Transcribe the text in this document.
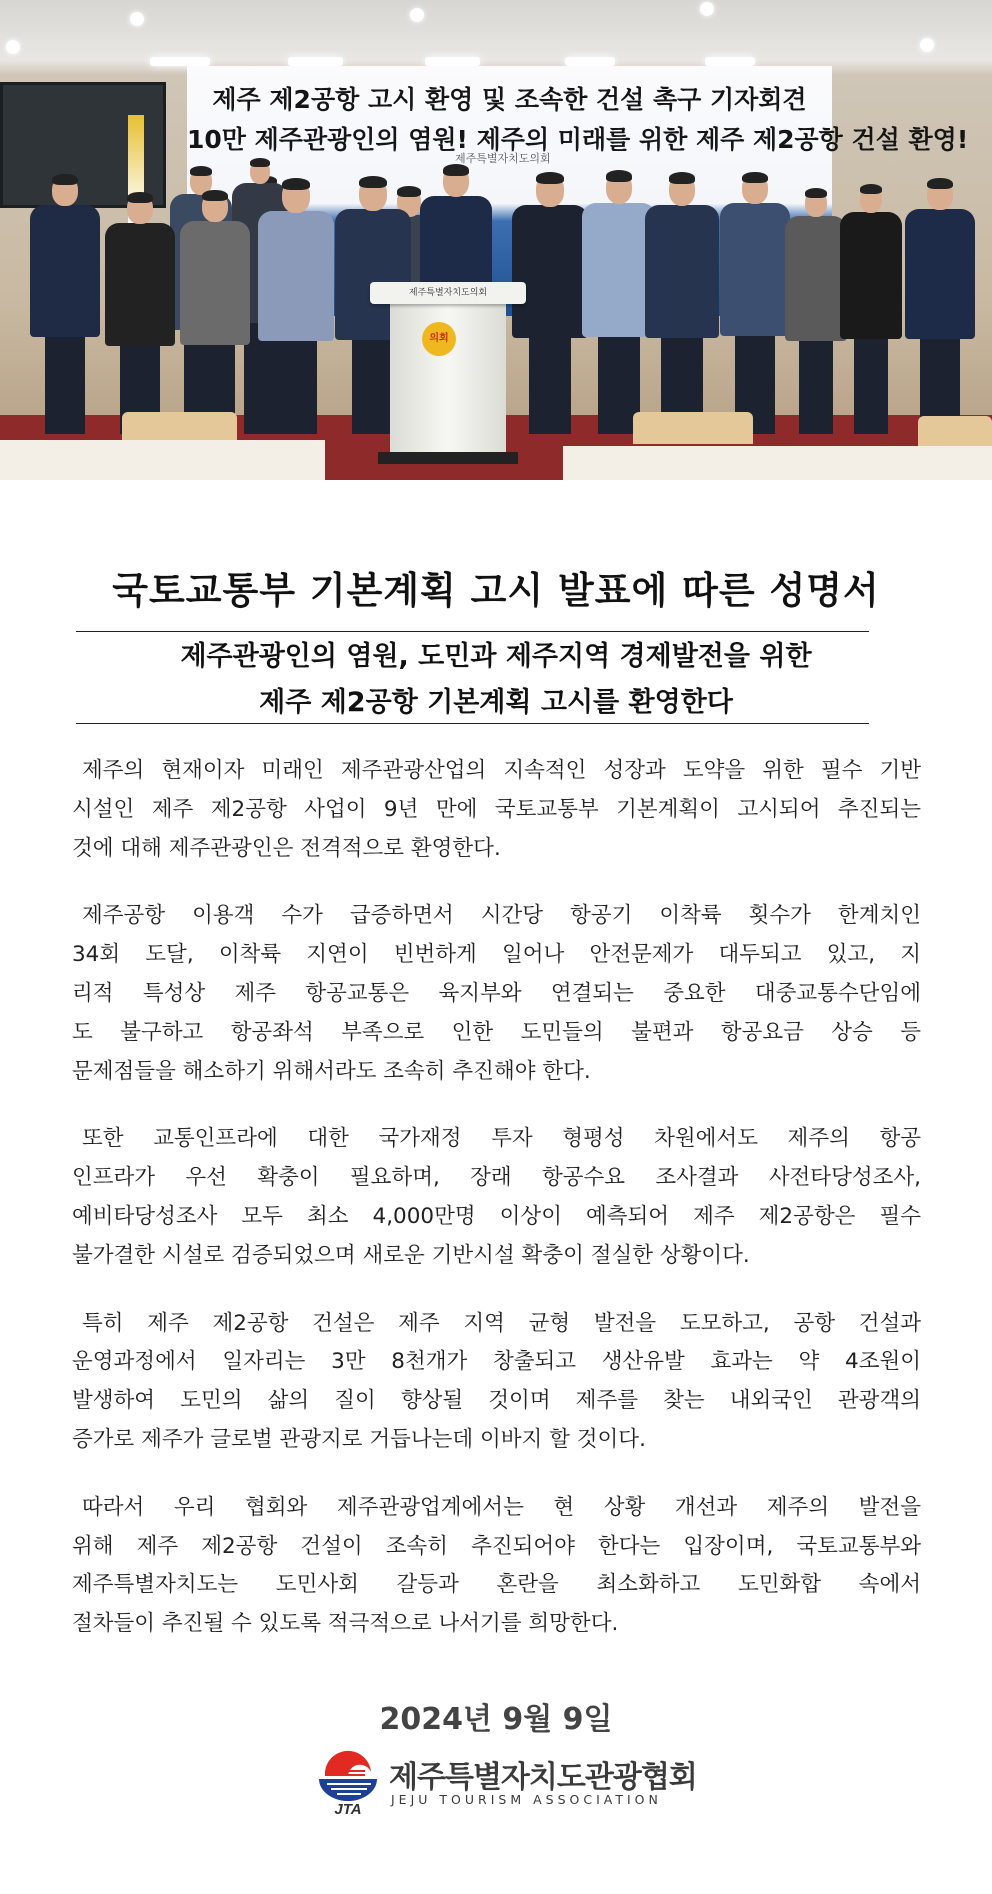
제주 제2공항 고시 환영 및 조속한 건설 촉구 기자회견
10만 제주관광인의 염원! 제주의 미래를 위한 제주 제2공항 건설 환영!
제주특별자치도의회
제주특별자치도의회
의회
국토교통부 기본계획 고시 발표에 따른 성명서
제주관광인의 염원, 도민과 제주지역 경제발전을 위한
제주 제2공항 기본계획 고시를 환영한다
제주의 현재이자 미래인 제주관광산업의 지속적인 성장과 도약을 위한 필수 기반
시설인 제주 제2공항 사업이 9년 만에 국토교통부 기본계획이 고시되어 추진되는
것에 대해 제주관광인은 전격적으로 환영한다.
제주공항 이용객 수가 급증하면서 시간당 항공기 이착륙 횟수가 한계치인
34회 도달, 이착륙 지연이 빈번하게 일어나 안전문제가 대두되고 있고, 지
리적 특성상 제주 항공교통은 육지부와 연결되는 중요한 대중교통수단임에
도 불구하고 항공좌석 부족으로 인한 도민들의 불편과 항공요금 상승 등
문제점들을 해소하기 위해서라도 조속히 추진해야 한다.
또한 교통인프라에 대한 국가재정 투자 형평성 차원에서도 제주의 항공
인프라가 우선 확충이 필요하며, 장래 항공수요 조사결과 사전타당성조사,
예비타당성조사 모두 최소 4,000만명 이상이 예측되어 제주 제2공항은 필수
불가결한 시설로 검증되었으며 새로운 기반시설 확충이 절실한 상황이다.
특히 제주 제2공항 건설은 제주 지역 균형 발전을 도모하고, 공항 건설과
운영과정에서 일자리는 3만 8천개가 창출되고 생산유발 효과는 약 4조원이
발생하여 도민의 삶의 질이 향상될 것이며 제주를 찾는 내외국인 관광객의
증가로 제주가 글로벌 관광지로 거듭나는데 이바지 할 것이다.
따라서 우리 협회와 제주관광업계에서는 현 상황 개선과 제주의 발전을
위해 제주 제2공항 건설이 조속히 추진되어야 한다는 입장이며, 국토교통부와
제주특별자치도는 도민사회 갈등과 혼란을 최소화하고 도민화합 속에서
절차들이 추진될 수 있도록 적극적으로 나서기를 희망한다.
2024년 9월 9일
JTA
제주특별자치도관광협회
JEJU TOURISM ASSOCIATION
